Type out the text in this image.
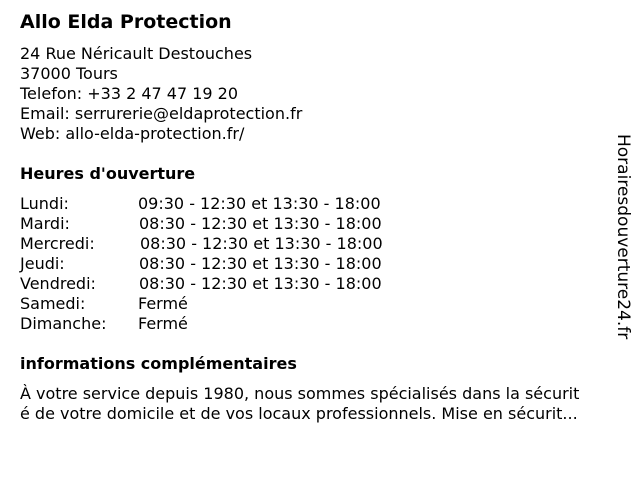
Allo Elda Protection
24 Rue Néricault Destouches
37000 Tours
Telefon: +33 2 47 47 19 20
Email: serrurerie@eldaprotection.fr
Web: allo-elda-protection.fr/
Heures d'ouverture
Lundi:	09:30 - 12:30 et 13:30 - 18:00
Mardi:	08:30 - 12:30 et 13:30 - 18:00
Mercredi:	08:30 - 12:30 et 13:30 - 18:00
Jeudi:	08:30 - 12:30 et 13:30 - 18:00
Vendredi:	08:30 - 12:30 et 13:30 - 18:00
Samedi:	Fermé
Dimanche: Fermé
informations complémentaires
À votre service depuis 1980, nous sommes spécialisés dans la sécurit
é de votre domicile et de vos locaux professionnels. Mise en sécurit...
Horairesdouverture24.fr
